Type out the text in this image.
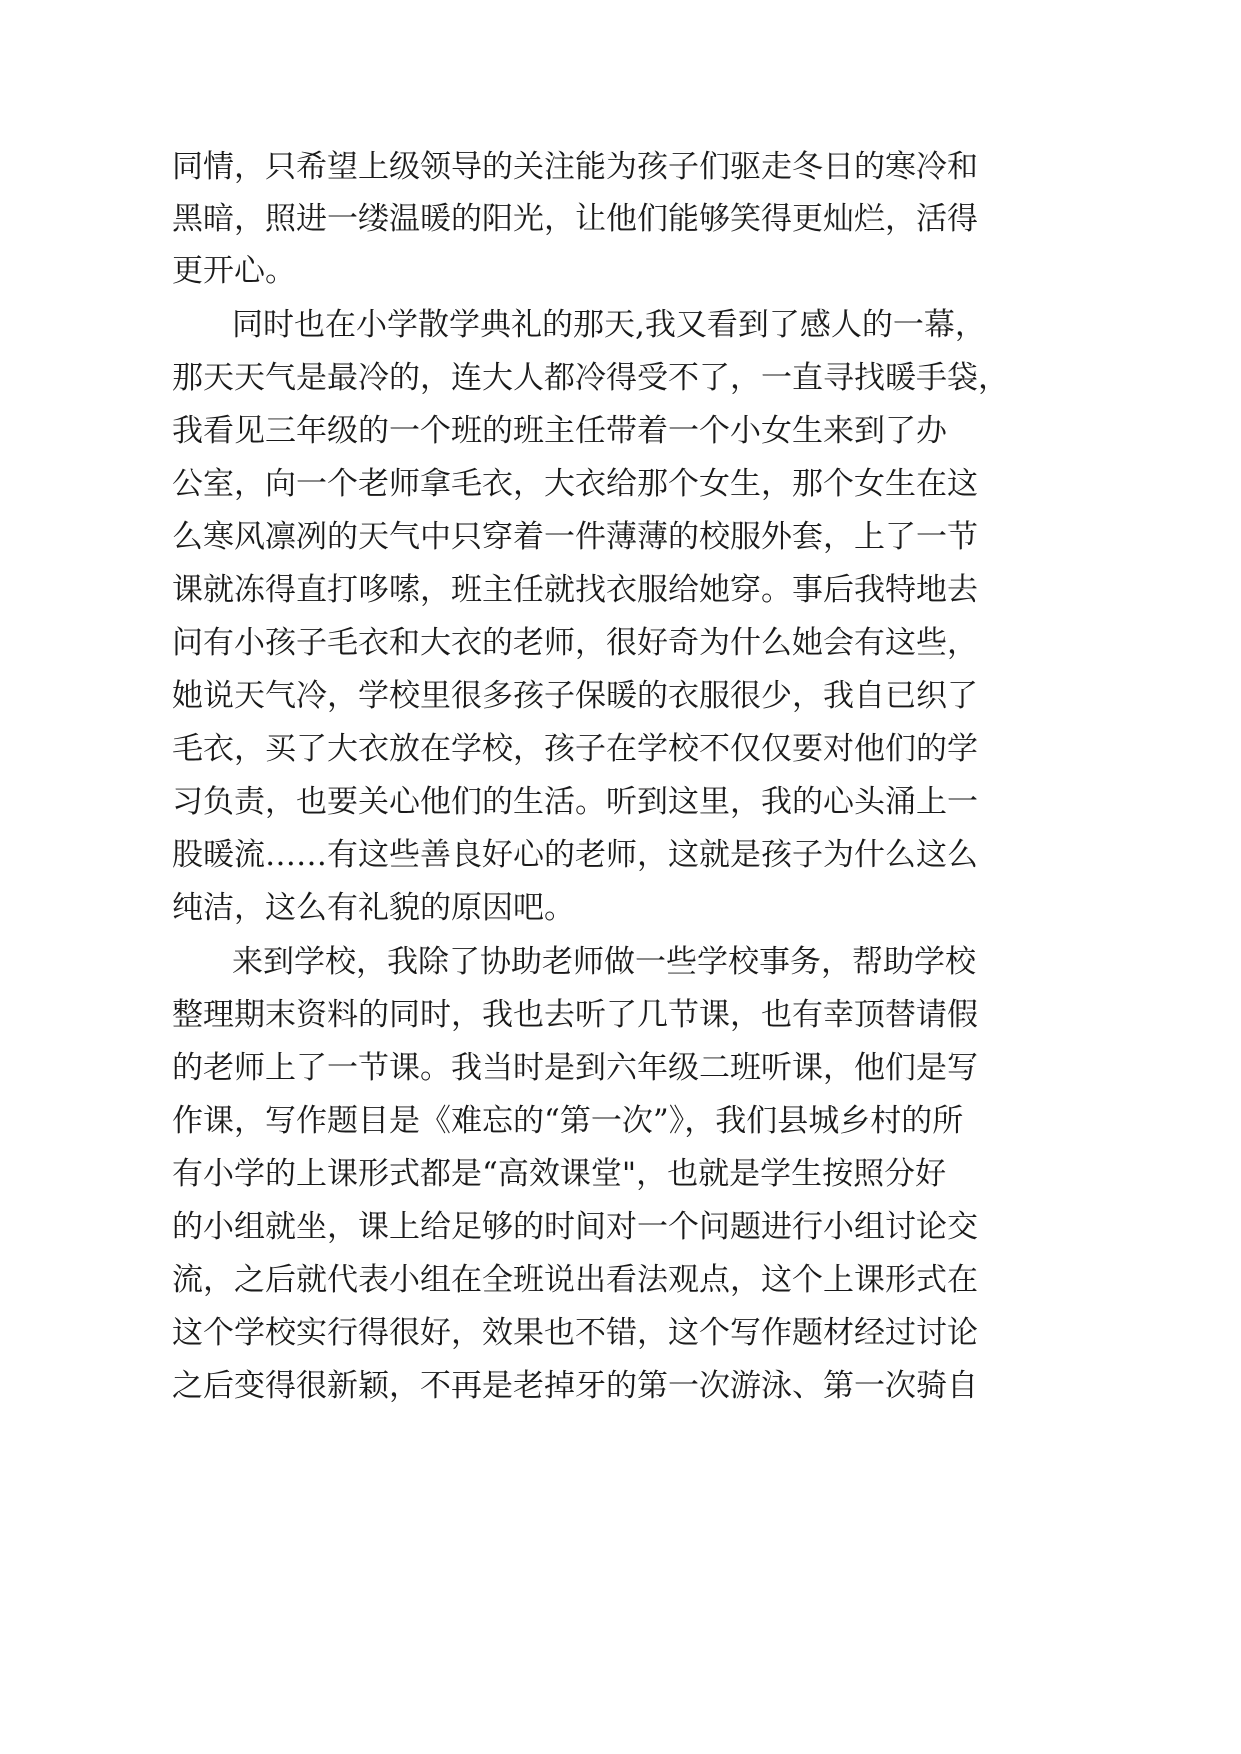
同情，只希望上级领导的关注能为孩子们驱走冬日的寒冷和
黑暗，照进一缕温暖的阳光，让他们能够笑得更灿烂，活得
更开心。
同时也在小学散学典礼的那天,我又看到了感人的一幕，
那天天气是最冷的，连大人都冷得受不了，一直寻找暖手袋，
我看见三年级的一个班的班主任带着一个小女生来到了办
公室，向一个老师拿毛衣，大衣给那个女生，那个女生在这
么寒风凛冽的天气中只穿着一件薄薄的校服外套，上了一节
课就冻得直打哆嗦，班主任就找衣服给她穿。事后我特地去
问有小孩子毛衣和大衣的老师，很好奇为什么她会有这些，
她说天气冷，学校里很多孩子保暖的衣服很少，我自已织了
毛衣，买了大衣放在学校，孩子在学校不仅仅要对他们的学
习负责，也要关心他们的生活。听到这里，我的心头涌上一
股暖流……有这些善良好心的老师，这就是孩子为什么这么
纯洁，这么有礼貌的原因吧。
来到学校，我除了协助老师做一些学校事务，帮助学校
整理期末资料的同时，我也去听了几节课，也有幸顶替请假
的老师上了一节课。我当时是到六年级二班听课，他们是写
作课，写作题目是《难忘的“第一次”》，我们县城乡村的所
有小学的上课形式都是“高效课堂"，也就是学生按照分好
的小组就坐，课上给足够的时间对一个问题进行小组讨论交
流，之后就代表小组在全班说出看法观点，这个上课形式在
这个学校实行得很好，效果也不错，这个写作题材经过讨论
之后变得很新颖，不再是老掉牙的第一次游泳、第一次骑自
